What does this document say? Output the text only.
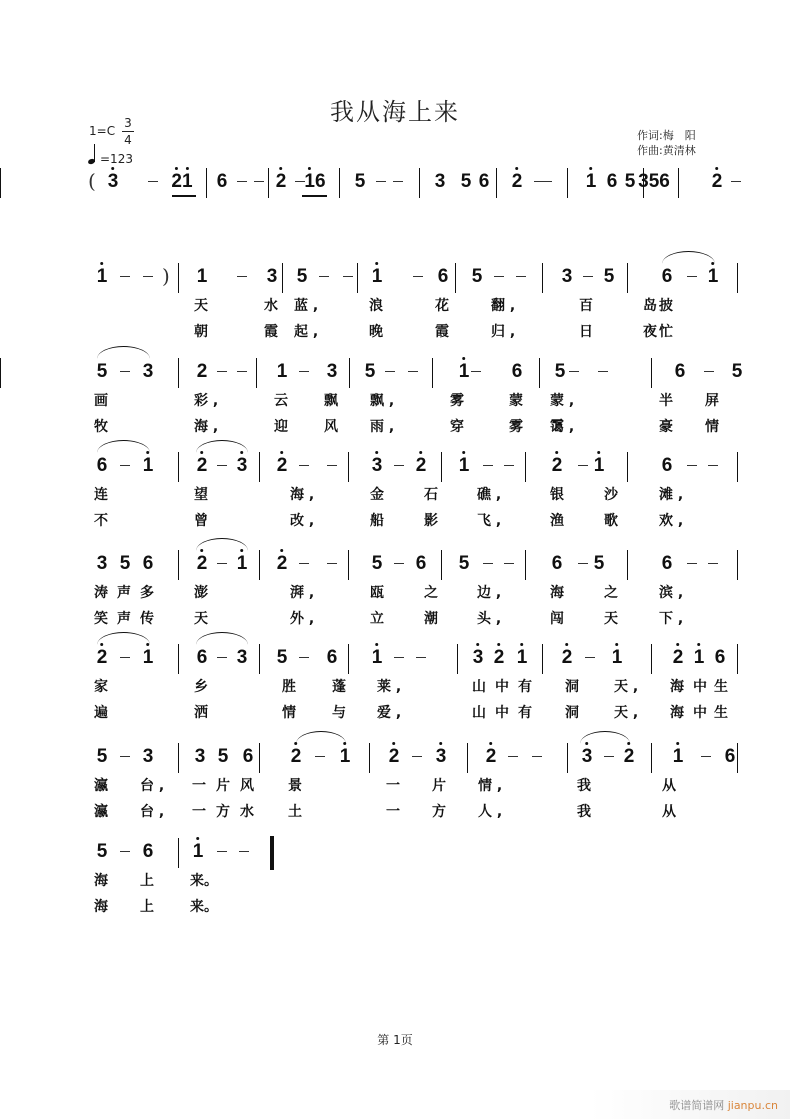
我从海上来
1=C
3
4
=123
作词:梅　阳
作曲:黄清林
( 3	2
1 6	2 1
6 5	3 5 6 2	1 6 5 356 2
1	) 1	3 5	1	6 5	3 5 6 1
天	水 蓝 ,	浪	花	翻 ,	百	岛 披
朝	霞 起 ,	晚	霞	归 ,	日	夜 忙
5 3 2	1 3 5	1 6 5	6 5
画	彩 ,	云	飘 飘 ,	雾	蒙 蒙 ,	半 屏
牧	海 ,	迎	风 雨 ,	穿	雾 霭 ,	豪 情
6 1 2 3 2	3 2 1	2 1	6
连	望	海 ,	金	石	礁 ,	银	沙	滩 ,
不	曾	改 ,	船	影	飞 ,	渔	歌	欢 ,
3 5 6 2 1 2	5 6 5	6 5	6
涛 声 多	澎	湃 ,	瓯	之	边 ,	海	之	滨 ,
笑 声 传	天	外 ,	立	潮	头 ,	闯	天	下 ,
2 1 6 3 5 6 1	3 2 1 2 1	2 1 6
家	乡	胜	蓬 莱 ,	山 中 有 洞	天 , 海 中 生
遍	洒	情	与 爱 ,	山 中 有 洞	天 , 海 中 生
5 3 3 5 6 2 1 2 3 2	3 2 1 6
瀛 台 , 一 片 风 景	一 片 情 ,	我	从
瀛 台 , 一 方 水 土	一 方 人 ,	我	从
5 6 1
海 上	来。
海 上	来。
第 1页
歌谱简谱网 jianpu.cn
